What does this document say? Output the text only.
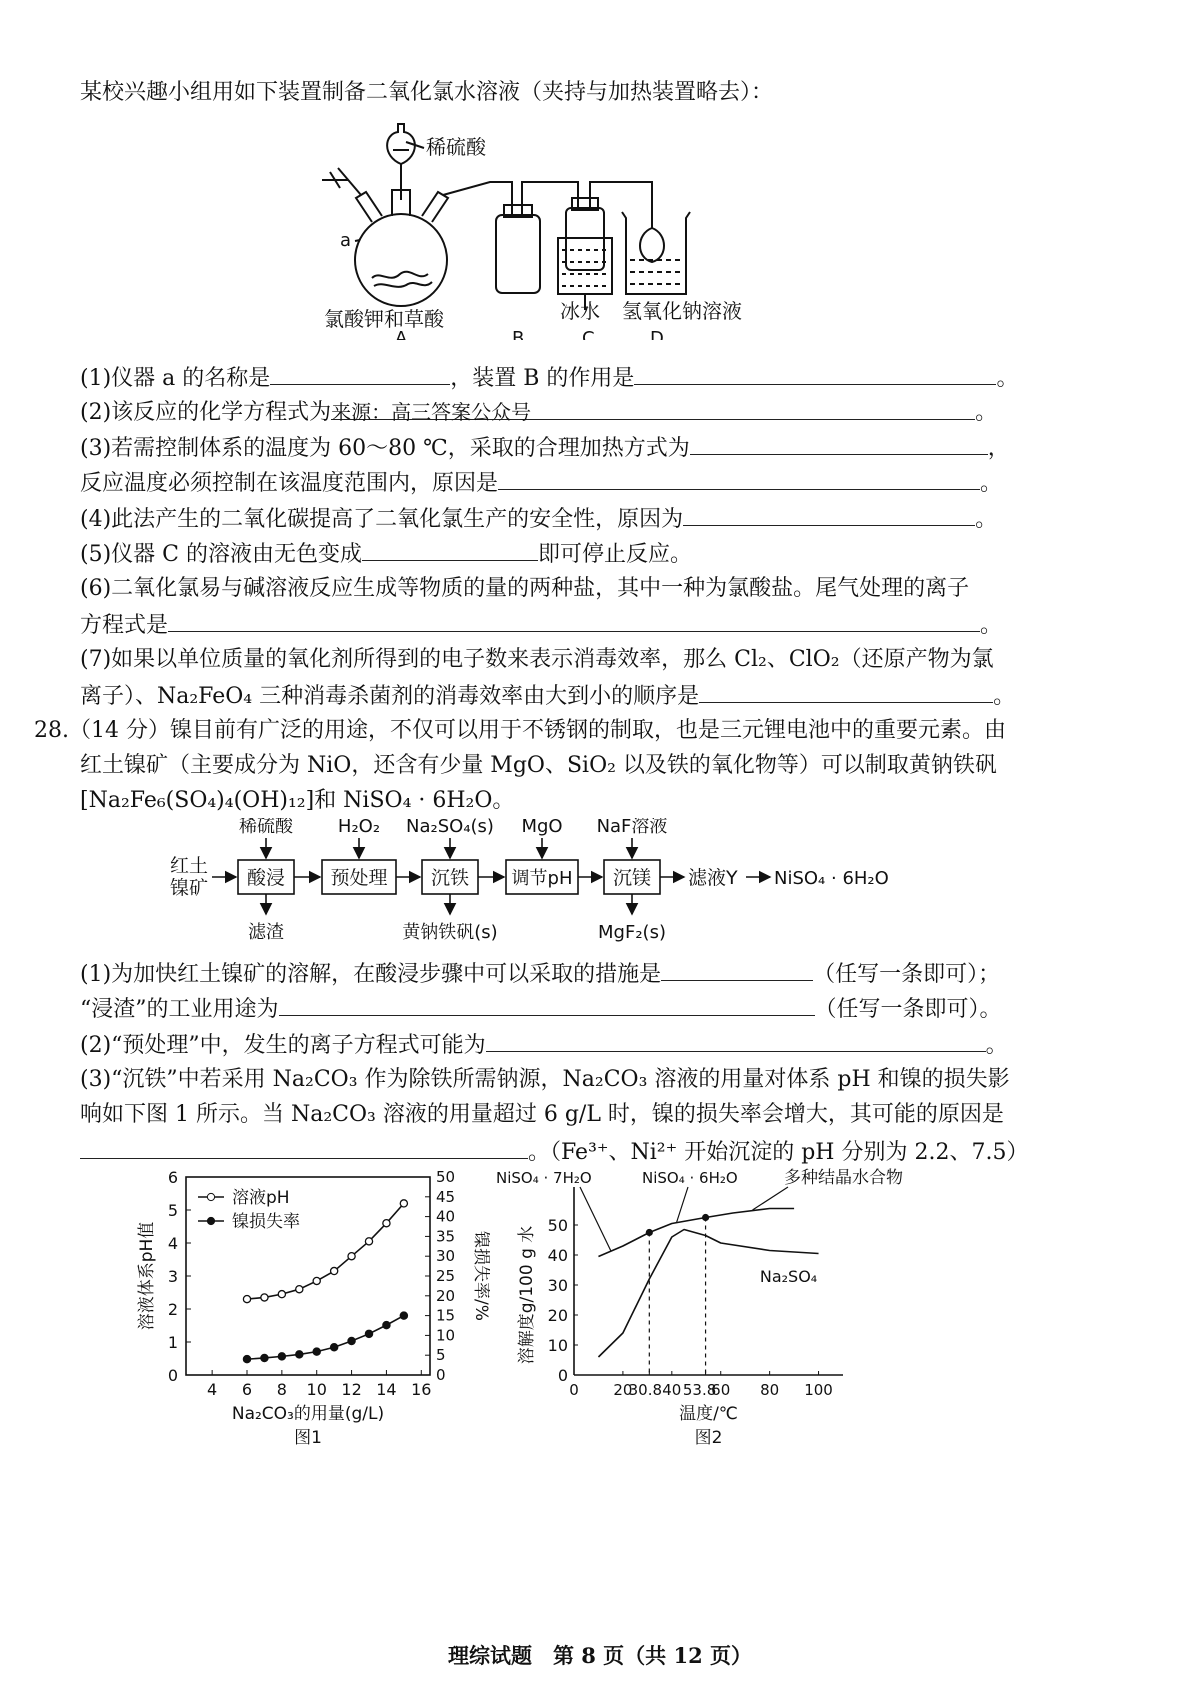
某校兴趣小组用如下装置制备二氧化氯水溶液（夹持与加热装置略去）：
稀硫酸
a
氯酸钾和草酸	冰水 氢氧化钠溶液
A	B	C	D
(1)仪器 a 的名称是	，装置 B 的作用是	。
(2)该反应的化学方程式为来源：高三答案公众号	。
(3)若需控制体系的温度为 60～80 ℃，采取的合理加热方式为	，
反应温度必须控制在该温度范围内，原因是	。
(4)此法产生的二氧化碳提高了二氧化氯生产的安全性，原因为	。
(5)仪器 C 的溶液由无色变成	即可停止反应。
(6)二氧化氯易与碱溶液反应生成等物质的量的两种盐，其中一种为氯酸盐。尾气处理的离子
方程式是	。
(7)如果以单位质量的氧化剂所得到的电子数来表示消毒效率，那么 Cl₂、ClO₂（还原产物为氯
离子）、Na₂FeO₄ 三种消毒杀菌剂的消毒效率由大到小的顺序是	。
28.（14 分）镍目前有广泛的用途，不仅可以用于不锈钢的制取，也是三元锂电池中的重要元素。由
红土镍矿（主要成分为 NiO，还含有少量 MgO、SiO₂ 以及铁的氧化物等）可以制取黄钠铁矾
[Na₂Fe₆(SO₄)₄(OH)₁₂]和 NiSO₄ · 6H₂O。
红土
镍矿 酸浸 预处理 沉铁 调节pH 沉镁
稀硫酸 H₂O₂ Na₂SO₄(s) MgO NaF溶液
滤渣	黄钠铁矾(s)	MgF₂(s)
滤液Y NiSO₄ · 6H₂O
(1)为加快红土镍矿的溶解，在酸浸步骤中可以采取的措施是	（任写一条即可）；
“浸渣”的工业用途为	（任写一条即可）。
(2)“预处理”中，发生的离子方程式可能为	。
(3)“沉铁”中若采用 Na₂CO₃ 作为除铁所需钠源，Na₂CO₃ 溶液的用量对体系 pH 和镍的损失影
响如下图 1 所示。当 Na₂CO₃ 溶液的用量超过 6 g/L 时，镍的损失率会增大，其可能的原因是
。（Fe³⁺、Ni²⁺ 开始沉淀的 pH 分别为 2.2、7.5）
4 6 8 10 12 14 16
0
1
2
3
4
5
6
0
5
10
15
20
25
30
35
40
45
50
Na₂CO₃的用量(g/L)
溶液体系pH值	镍损失率/%
溶液pH
镍损失率
图1
0 20
30.8 40 53.8
60 80 100
0
10
20
30
40
50
温度/℃
溶解度g/100 g 水	Na₂SO₄
NiSO₄ · 7H₂O	NiSO₄ · 6H₂O	多种结晶水合物
图2
理综试题　第 8 页（共 12 页）
